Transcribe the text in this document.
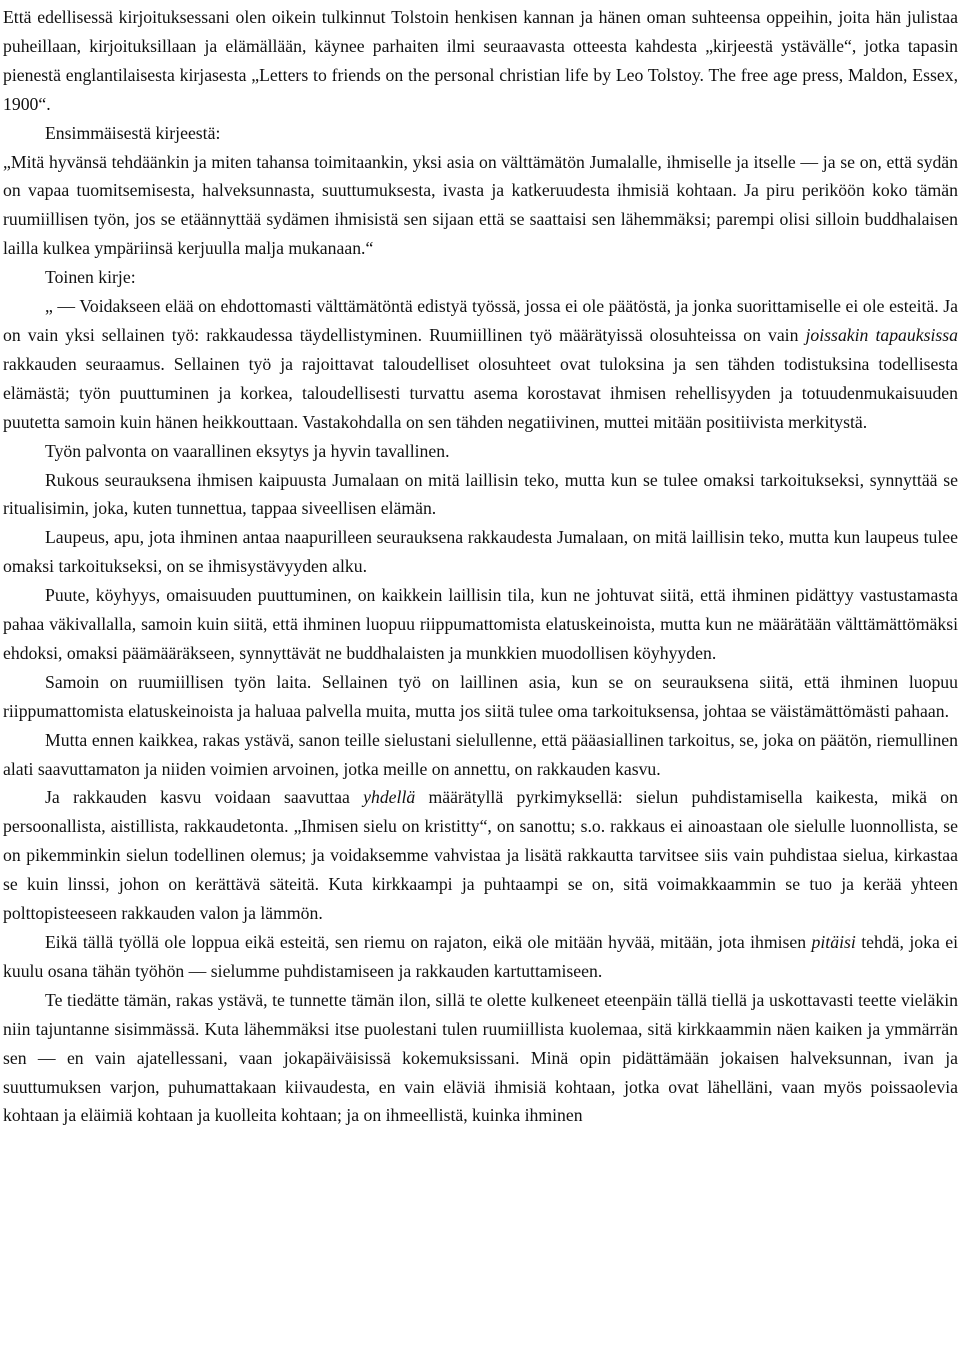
Että edellisessä kirjoituksessani olen oikein tulkinnut Tolstoin henkisen kannan ja hänen oman suhteensa oppeihin, joita hän julistaa puheillaan, kirjoituksillaan ja elämällään, käynee parhaiten ilmi seuraavasta otteesta kahdesta „kirjeestä ystävälle“, jotka tapasin pienestä englantilaisesta kirjasesta „Letters to friends on the personal christian life by Leo Tolstoy. The free age press, Maldon, Essex, 1900“.

Ensimmäisestä kirjeestä:

„Mitä hyvänsä tehdäänkin ja miten tahansa toimitaankin, yksi asia on välttämätön Jumalalle, ihmiselle ja itselle — ja se on, että sydän on vapaa tuomitsemisesta, halveksunnasta, suuttumuksesta, ivasta ja katkeruudesta ihmisiä kohtaan. Ja piru periköön koko tämän ruumiillisen työn, jos se etäännyttää sydämen ihmisistä sen sijaan että se saattaisi sen lähemmäksi; parempi olisi silloin buddhalaisen lailla kulkea ympäriinsä kerjuulla malja mukanaan.“

Toinen kirje:

„ — Voidakseen elää on ehdottomasti välttämätöntä edistyä työssä, jossa ei ole päätöstä, ja jonka suorittamiselle ei ole esteitä. Ja on vain yksi sellainen työ: rakkaudessa täydellistyminen. Ruumiillinen työ määrätyissä olosuhteissa on vain joissakin tapauksissa rakkauden seuraamus. Sellainen työ ja rajoittavat taloudelliset olosuhteet ovat tuloksina ja sen tähden todistuksina todellisesta elämästä; työn puuttuminen ja korkea, taloudellisesti turvattu asema korostavat ihmisen rehellisyyden ja totuudenmukaisuuden puutetta samoin kuin hänen heikkouttaan. Vastakohdalla on sen tähden negatiivinen, muttei mitään positiivista merkitystä.

Työn palvonta on vaarallinen eksytys ja hyvin tavallinen.

Rukous seurauksena ihmisen kaipuusta Jumalaan on mitä laillisin teko, mutta kun se tulee omaksi tarkoitukseksi, synnyttää se ritualisimin, joka, kuten tunnettua, tappaa siveellisen elämän.

Laupeus, apu, jota ihminen antaa naapurilleen seurauksena rakkaudesta Jumalaan, on mitä laillisin teko, mutta kun laupeus tulee omaksi tarkoitukseksi, on se ihmisystävyyden alku.

Puute, köyhyys, omaisuuden puuttuminen, on kaikkein laillisin tila, kun ne johtuvat siitä, että ihminen pidättyy vastustamasta pahaa väkivallalla, samoin kuin siitä, että ihminen luopuu riippumattomista elatuskeinoista, mutta kun ne määrätään välttämättömäksi ehdoksi, omaksi päämääräkseen, synnyttävät ne buddhalaisten ja munkkien muodollisen köyhyyden.

Samoin on ruumiillisen työn laita. Sellainen työ on laillinen asia, kun se on seurauksena siitä, että ihminen luopuu riippumattomista elatuskeinoista ja haluaa palvella muita, mutta jos siitä tulee oma tarkoituksensa, johtaa se väistämättömästi pahaan.

Mutta ennen kaikkea, rakas ystävä, sanon teille sielustani sielullenne, että pääasiallinen tarkoitus, se, joka on päätön, riemullinen alati saavuttamaton ja niiden voimien arvoinen, jotka meille on annettu, on rakkauden kasvu.

Ja rakkauden kasvu voidaan saavuttaa yhdellä määrätyllä pyrkimyksellä: sielun puhdistamisella kaikesta, mikä on persoonallista, aistillista, rakkaudetonta. „Ihmisen sielu on kristitty“, on sanottu; s.o. rakkaus ei ainoastaan ole sielulle luonnollista, se on pikemminkin sielun todellinen olemus; ja voidaksemme vahvistaa ja lisätä rakkautta tarvitsee siis vain puhdistaa sielua, kirkastaa se kuin linssi, johon on kerättävä säteitä. Kuta kirkkaampi ja puhtaampi se on, sitä voimakkaammin se tuo ja kerää yhteen polttopisteeseen rakkauden valon ja lämmön.

Eikä tällä työllä ole loppua eikä esteitä, sen riemu on rajaton, eikä ole mitään hyvää, mitään, jota ihmisen pitäisi tehdä, joka ei kuulu osana tähän työhön — sielumme puhdistamiseen ja rakkauden kartuttamiseen.

Te tiedätte tämän, rakas ystävä, te tunnette tämän ilon, sillä te olette kulkeneet eteenpäin tällä tiellä ja uskottavasti teette vieläkin niin tajuntanne sisimmässä. Kuta lähemmäksi itse puolestani tulen ruumiillista kuolemaa, sitä kirkkaammin näen kaiken ja ymmärrän sen — en vain ajatellessani, vaan jokapäiväisissä kokemuksissani. Minä opin pidättämään jokaisen halveksunnan, ivan ja suuttumuksen varjon, puhumattakaan kiivaudesta, en vain eläviä ihmisiä kohtaan, jotka ovat lähelläni, vaan myös poissaolevia kohtaan ja eläimiä kohtaan ja kuolleita kohtaan; ja on ihmeellistä, kuinka ihminen
